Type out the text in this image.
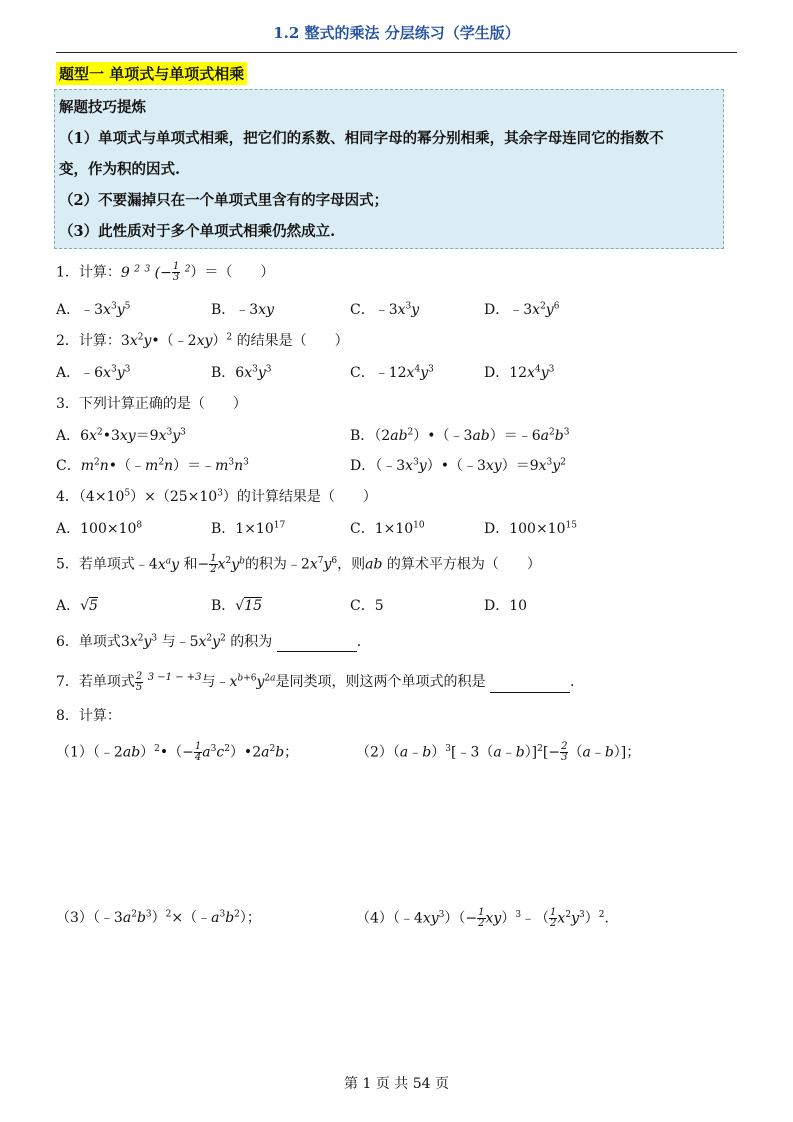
1.2 整式的乘法 分层练习（学生版）
题型一 单项式与单项式相乘
解题技巧提炼
（1）单项式与单项式相乘，把它们的系数、相同字母的幂分别相乘，其余字母连同它的指数不
变，作为积的因式.
（2）不要漏掉只在一个单项式里含有的字母因式；
（3）此性质对于多个单项式相乘仍然成立.
1．计算：9 $^2$ $^3$ (− $\frac{1}{3} ^2)=$（　　）
A．$﹣3x^3y^5$	B．﹣3xy	C．$﹣3x^3y$	D．$﹣3x^2y^6$
2．计算：$3x^2y•(﹣2xy)^2$ 的结果是（　　）
A．$﹣6x^3y^3$	B．$6x^3y^3$	C．$﹣12x^4y^3$	D．$12x^4y^3$
3．下列计算正确的是（　　）
A．$6x^2•3xy=9x^3y^3$	B．$(2ab^2)•(﹣3ab)=﹣6a^2b^3$
C．$m^2n•(﹣m^2n)=﹣m^3n^3$	D．$(﹣3x^3y)•(﹣3xy)=9x^3y^2$
4．$(4\times 10^5)\times(25\times 10^3)$的计算结果是（　　）
A．$100\times 10^8$	B．$1\times 10^{17}$	C．$1\times 10^{10}$	D．$100\times 10^{15}$
5．若单项式$﹣4x^ay$ 和− $\frac{1}{2} x^2y^b$的积为$﹣2x^7y^6$，则ab 的算术平方根为（　　）
A．√5	B．√15	C．5	D．10
6．单项式$3x^2y^3$ 与$﹣5x^2y^2$ 的积为	.
7．若单项式 $\frac{2}{5} ^{3 -1 - +3}$与$﹣x^{b+6}y^{2a}$是同类项，则这两个单项式的积是	.
8．计算：
（1）（﹣2ab）$^2$•（− $\frac{1}{4}$ $a^3c^2)•2a^2b$；	（2）（a﹣b）$^3$[﹣3（a﹣b）]$^2$[− $\frac{2}{3}$ （a﹣b）]；
$(3)(﹣3a^2b^3)^2\times(﹣a^3b^2)$；	$(4)(﹣4xy^3)(- \frac{1}{2}$ xy）$^3$﹣（ $\frac{1}{2} x^2y^3)^2$.
第 1 页 共 54 页
